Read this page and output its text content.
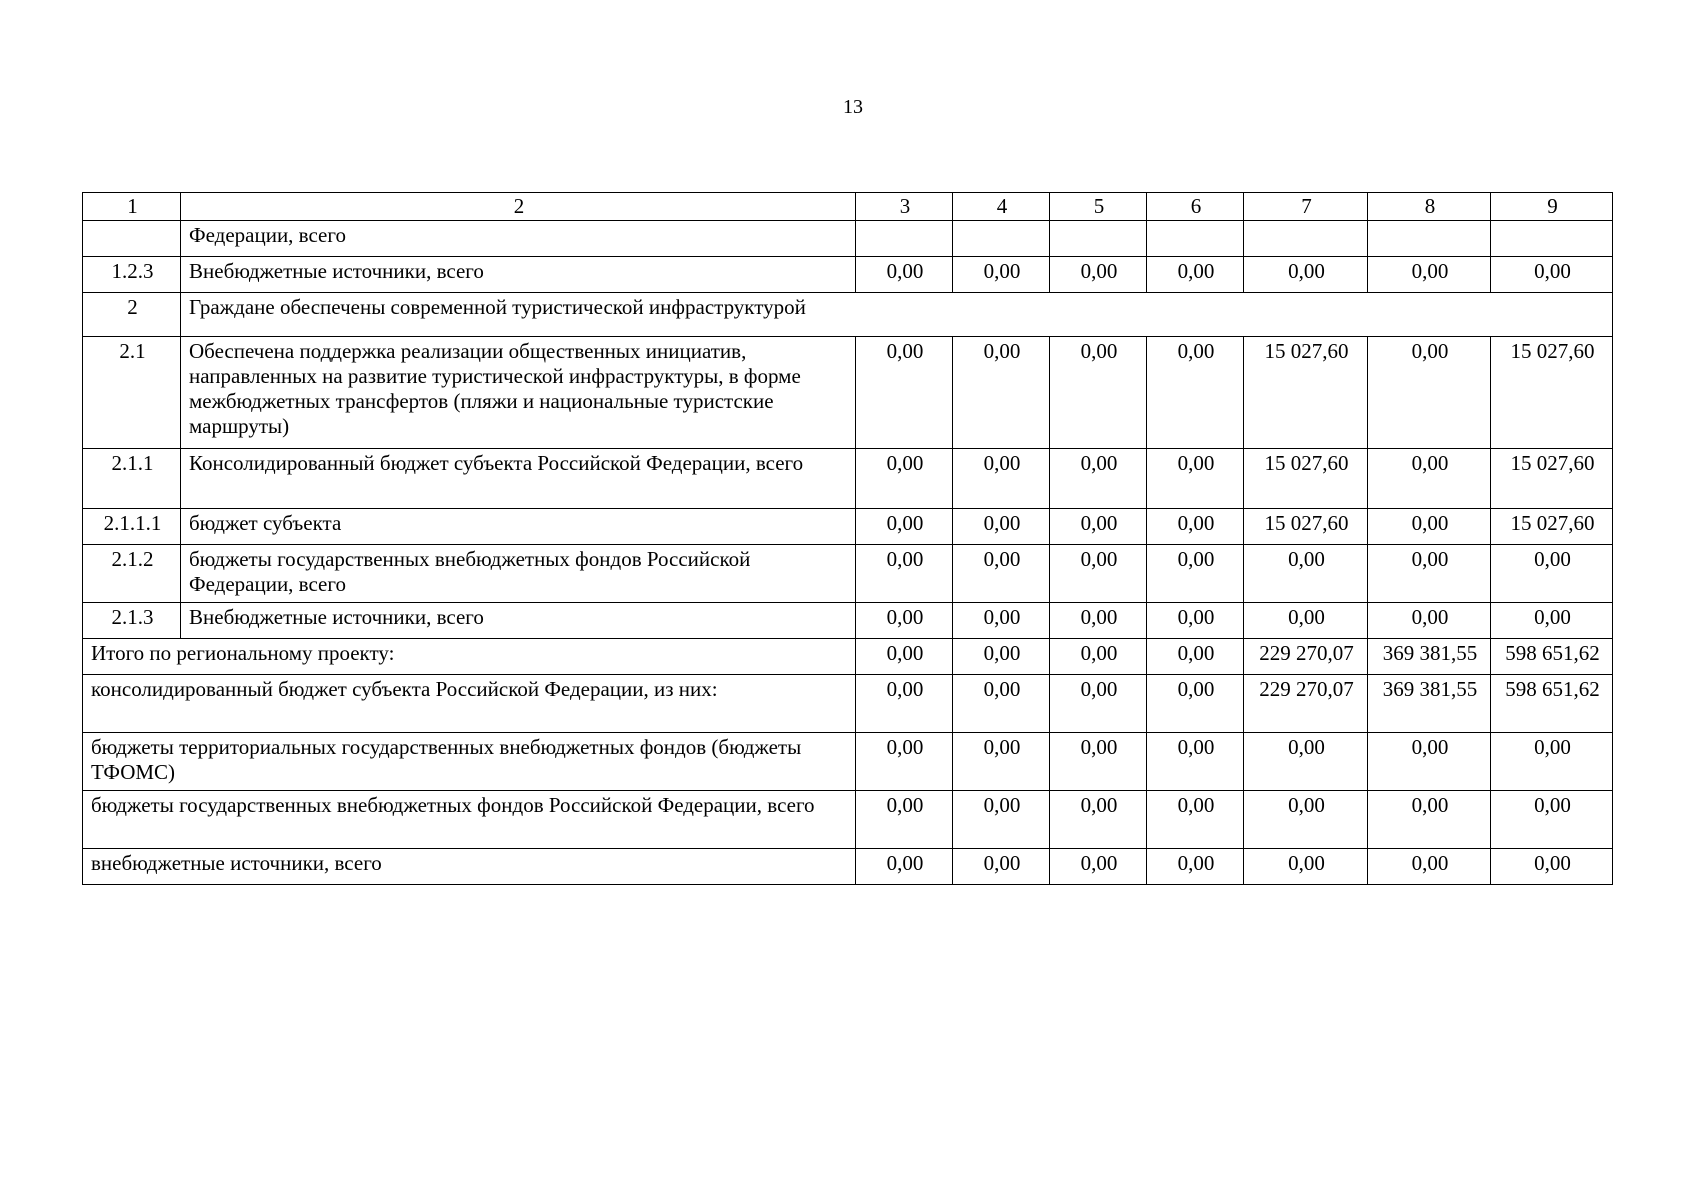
13
1	2	3	4	5	6	7	8	9
	Федерации, всего							
1.2.3	Внебюджетные источники, всего	0,00	0,00	0,00	0,00	0,00	0,00	0,00
2	Граждане обеспечены современной туристической инфраструктурой							
2.1	Обеспечена поддержка реализации общественных инициатив, направленных на развитие туристической инфраструктуры, в форме межбюджетных трансфертов (пляжи и национальные туристские маршруты)	0,00	0,00	0,00	0,00	15 027,60	0,00	15 027,60
2.1.1	Консолидированный бюджет субъекта Российской Федерации, всего	0,00	0,00	0,00	0,00	15 027,60	0,00	15 027,60
2.1.1.1	бюджет субъекта	0,00	0,00	0,00	0,00	15 027,60	0,00	15 027,60
2.1.2	бюджеты государственных внебюджетных фондов Российской Федерации, всего	0,00	0,00	0,00	0,00	0,00	0,00	0,00
2.1.3	Внебюджетные источники, всего	0,00	0,00	0,00	0,00	0,00	0,00	0,00
Итого по региональному проекту:		0,00	0,00	0,00	0,00	229 270,07	369 381,55	598 651,62
консолидированный бюджет субъекта Российской Федерации, из них:		0,00	0,00	0,00	0,00	229 270,07	369 381,55	598 651,62
бюджеты территориальных государственных внебюджетных фондов (бюджеты ТФОМС)		0,00	0,00	0,00	0,00	0,00	0,00	0,00
бюджеты государственных внебюджетных фондов Российской Федерации, всего		0,00	0,00	0,00	0,00	0,00	0,00	0,00
внебюджетные источники, всего		0,00	0,00	0,00	0,00	0,00	0,00	0,00
